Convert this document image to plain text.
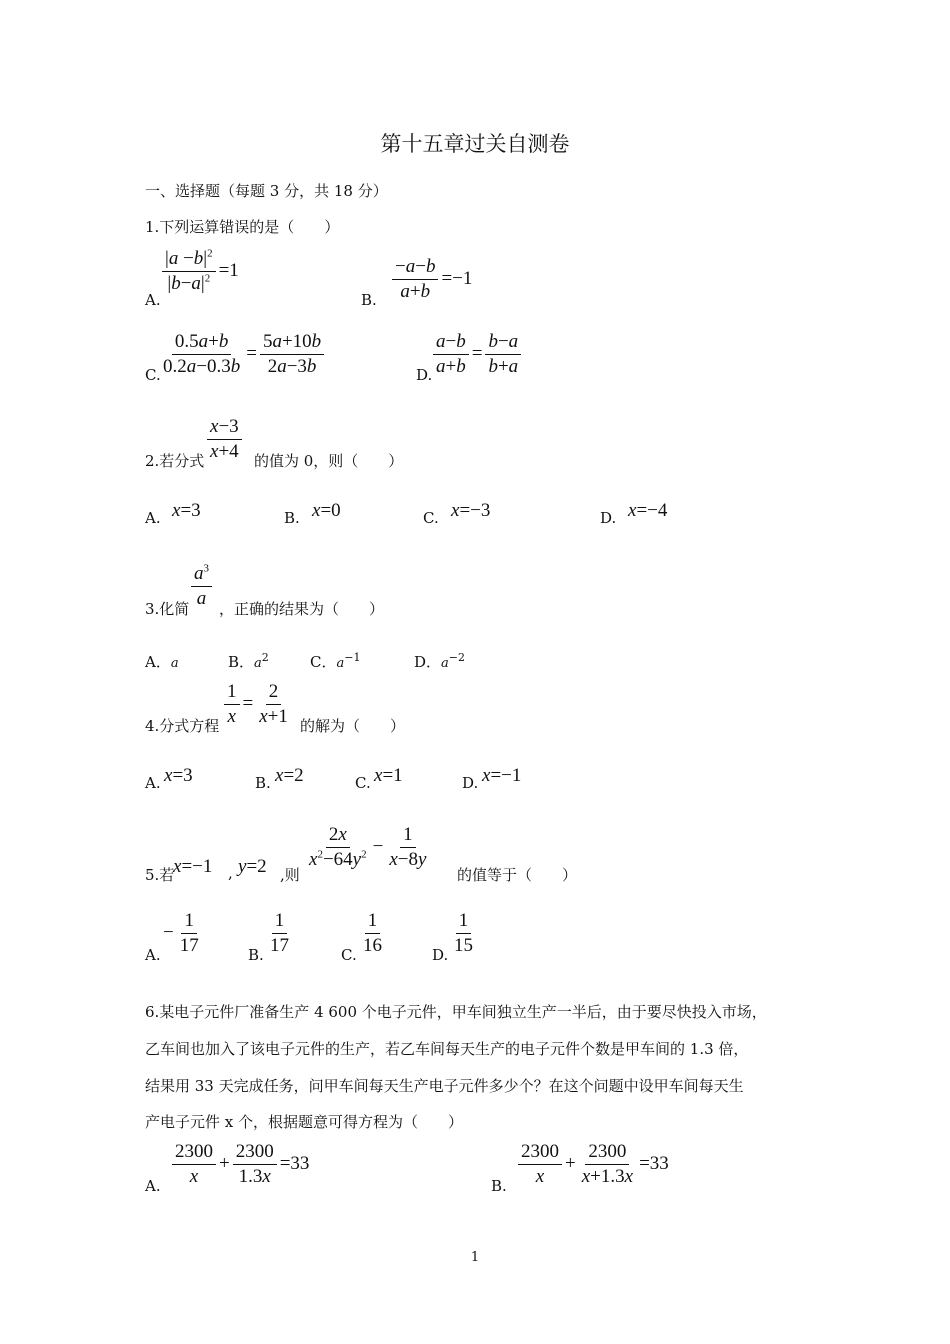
第十五章过关自测卷
一、选择题（每题 3 分，共 18 分）
1.下列运算错误的是（　　）
A.
$\frac{|a -b|^2}{|b-a|^2} =1$
B. $\frac{-a-b}{a+b} =-1$
C. $\frac{0.5a+b}{0.2a-0.3b} = \frac{5a+10b}{2a-3b}$	D. $\frac{a-b}{a+b} = \frac{b-a}{b+a}$
2.若分式 $\frac{x-3}{x+4}$ 的值为 0，则（　　）
A. x=3	B. x=0	C. x=−3	D. x=−4
3.化简 $\frac{a^3}{a}$ ，正确的结果为（　　）
A．a	B．$a^2$	C．$a^{-1}$	D．$a^{-2}$
4.分式方程 $\frac{1}{x} = \frac{2}{x+1}$ 的解为（　　）
A. x=3	B. x=2	C. x=1	D. x=−1
5.若
x=−1 , y=2 ,则
$\frac{2x}{x^2-64y^2} - \frac{1}{x-8y}$
的值等于（　　）
A.
− $\frac{1}{17}$	B. $\frac{1}{17}$	C. $\frac{1}{16}$	D. $\frac{1}{15}$
6.某电子元件厂准备生产 4 600 个电子元件，甲车间独立生产一半后，由于要尽快投入市场，
乙车间也加入了该电子元件的生产，若乙车间每天生产的电子元件个数是甲车间的 1.3 倍，
结果用 33 天完成任务，问甲车间每天生产电子元件多少个？在这个问题中设甲车间每天生
产电子元件 x 个，根据题意可得方程为（　　）
A. $\frac{2300}{x} + \frac{2300}{1.3x} =33$
B. $\frac{2300}{x} + \frac{2300}{x+1.3x} =33$
1
